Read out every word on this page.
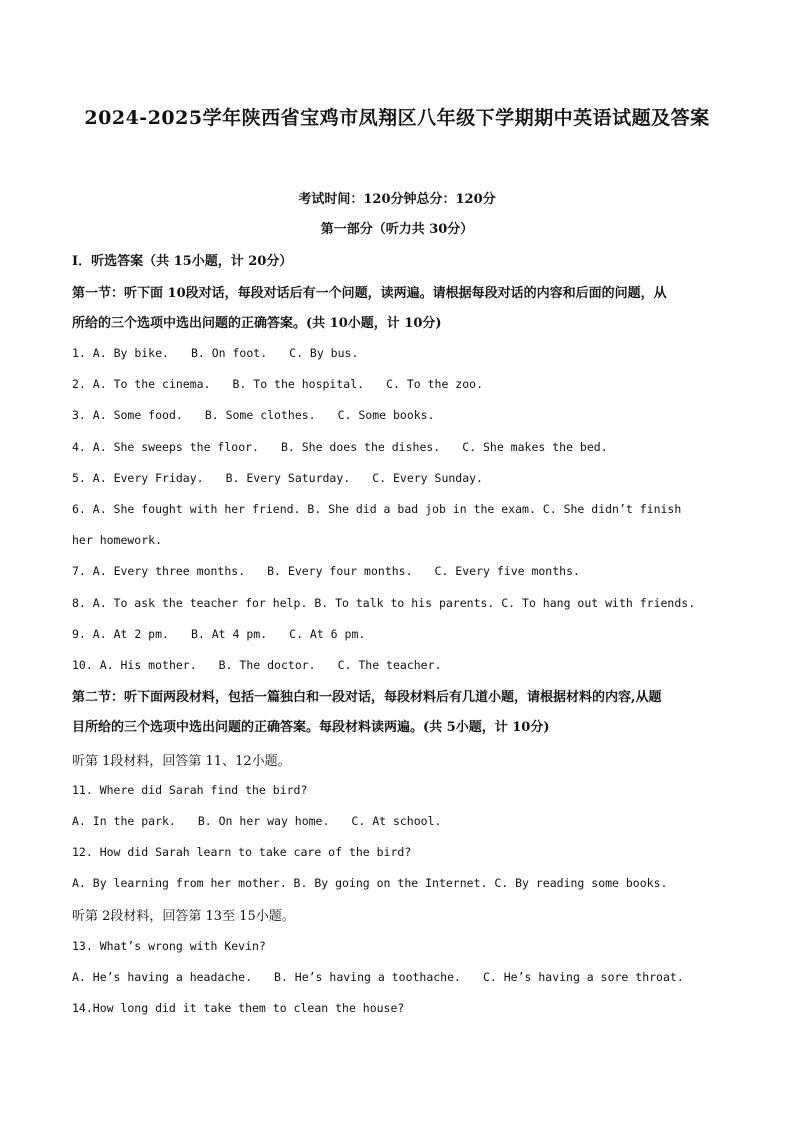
2024-2025学年陕西省宝鸡市凤翔区八年级下学期期中英语试题及答案
考试时间：120分钟总分：120分
第一部分（听力共 30分）
Ⅰ．听选答案（共 15小题，计 20分）
第一节：听下面 10段对话，每段对话后有一个问题，读两遍。请根据每段对话的内容和后面的问题，从
所给的三个选项中选出问题的正确答案。(共 10小题，计 10分)
1. A. By bike. B. On foot. C. By bus.
2. A. To the cinema. B. To the hospital. C. To the zoo.
3. A. Some food. B. Some clothes. C. Some books.
4. A. She sweeps the floor. B. She does the dishes. C. She makes the bed.
5. A. Every Friday. B. Every Saturday. C. Every Sunday.
6. A. She fought with her friend. B. She did a bad job in the exam. C. She didn’t finish
her homework.
7. A. Every three months. B. Every four months. C. Every five months.
8. A. To ask the teacher for help. B. To talk to his parents. C. To hang out with friends.
9. A. At 2 pm. B. At 4 pm. C. At 6 pm.
10. A. His mother. B. The doctor. C. The teacher.
第二节：听下面两段材料，包括一篇独白和一段对话，每段材料后有几道小题，请根据材料的内容,从题
目所给的三个选项中选出问题的正确答案。每段材料读两遍。(共 5小题，计 10分)
听第 1段材料，回答第 11、12小题。
11. Where did Sarah find the bird?
A. In the park. B. On her way home. C. At school.
12. How did Sarah learn to take care of the bird?
A. By learning from her mother. B. By going on the Internet. C. By reading some books.
听第 2段材料，回答第 13至 15小题。
13. What’s wrong with Kevin?
A. He’s having a headache. B. He’s having a toothache. C. He’s having a sore throat.
14.How long did it take them to clean the house?
